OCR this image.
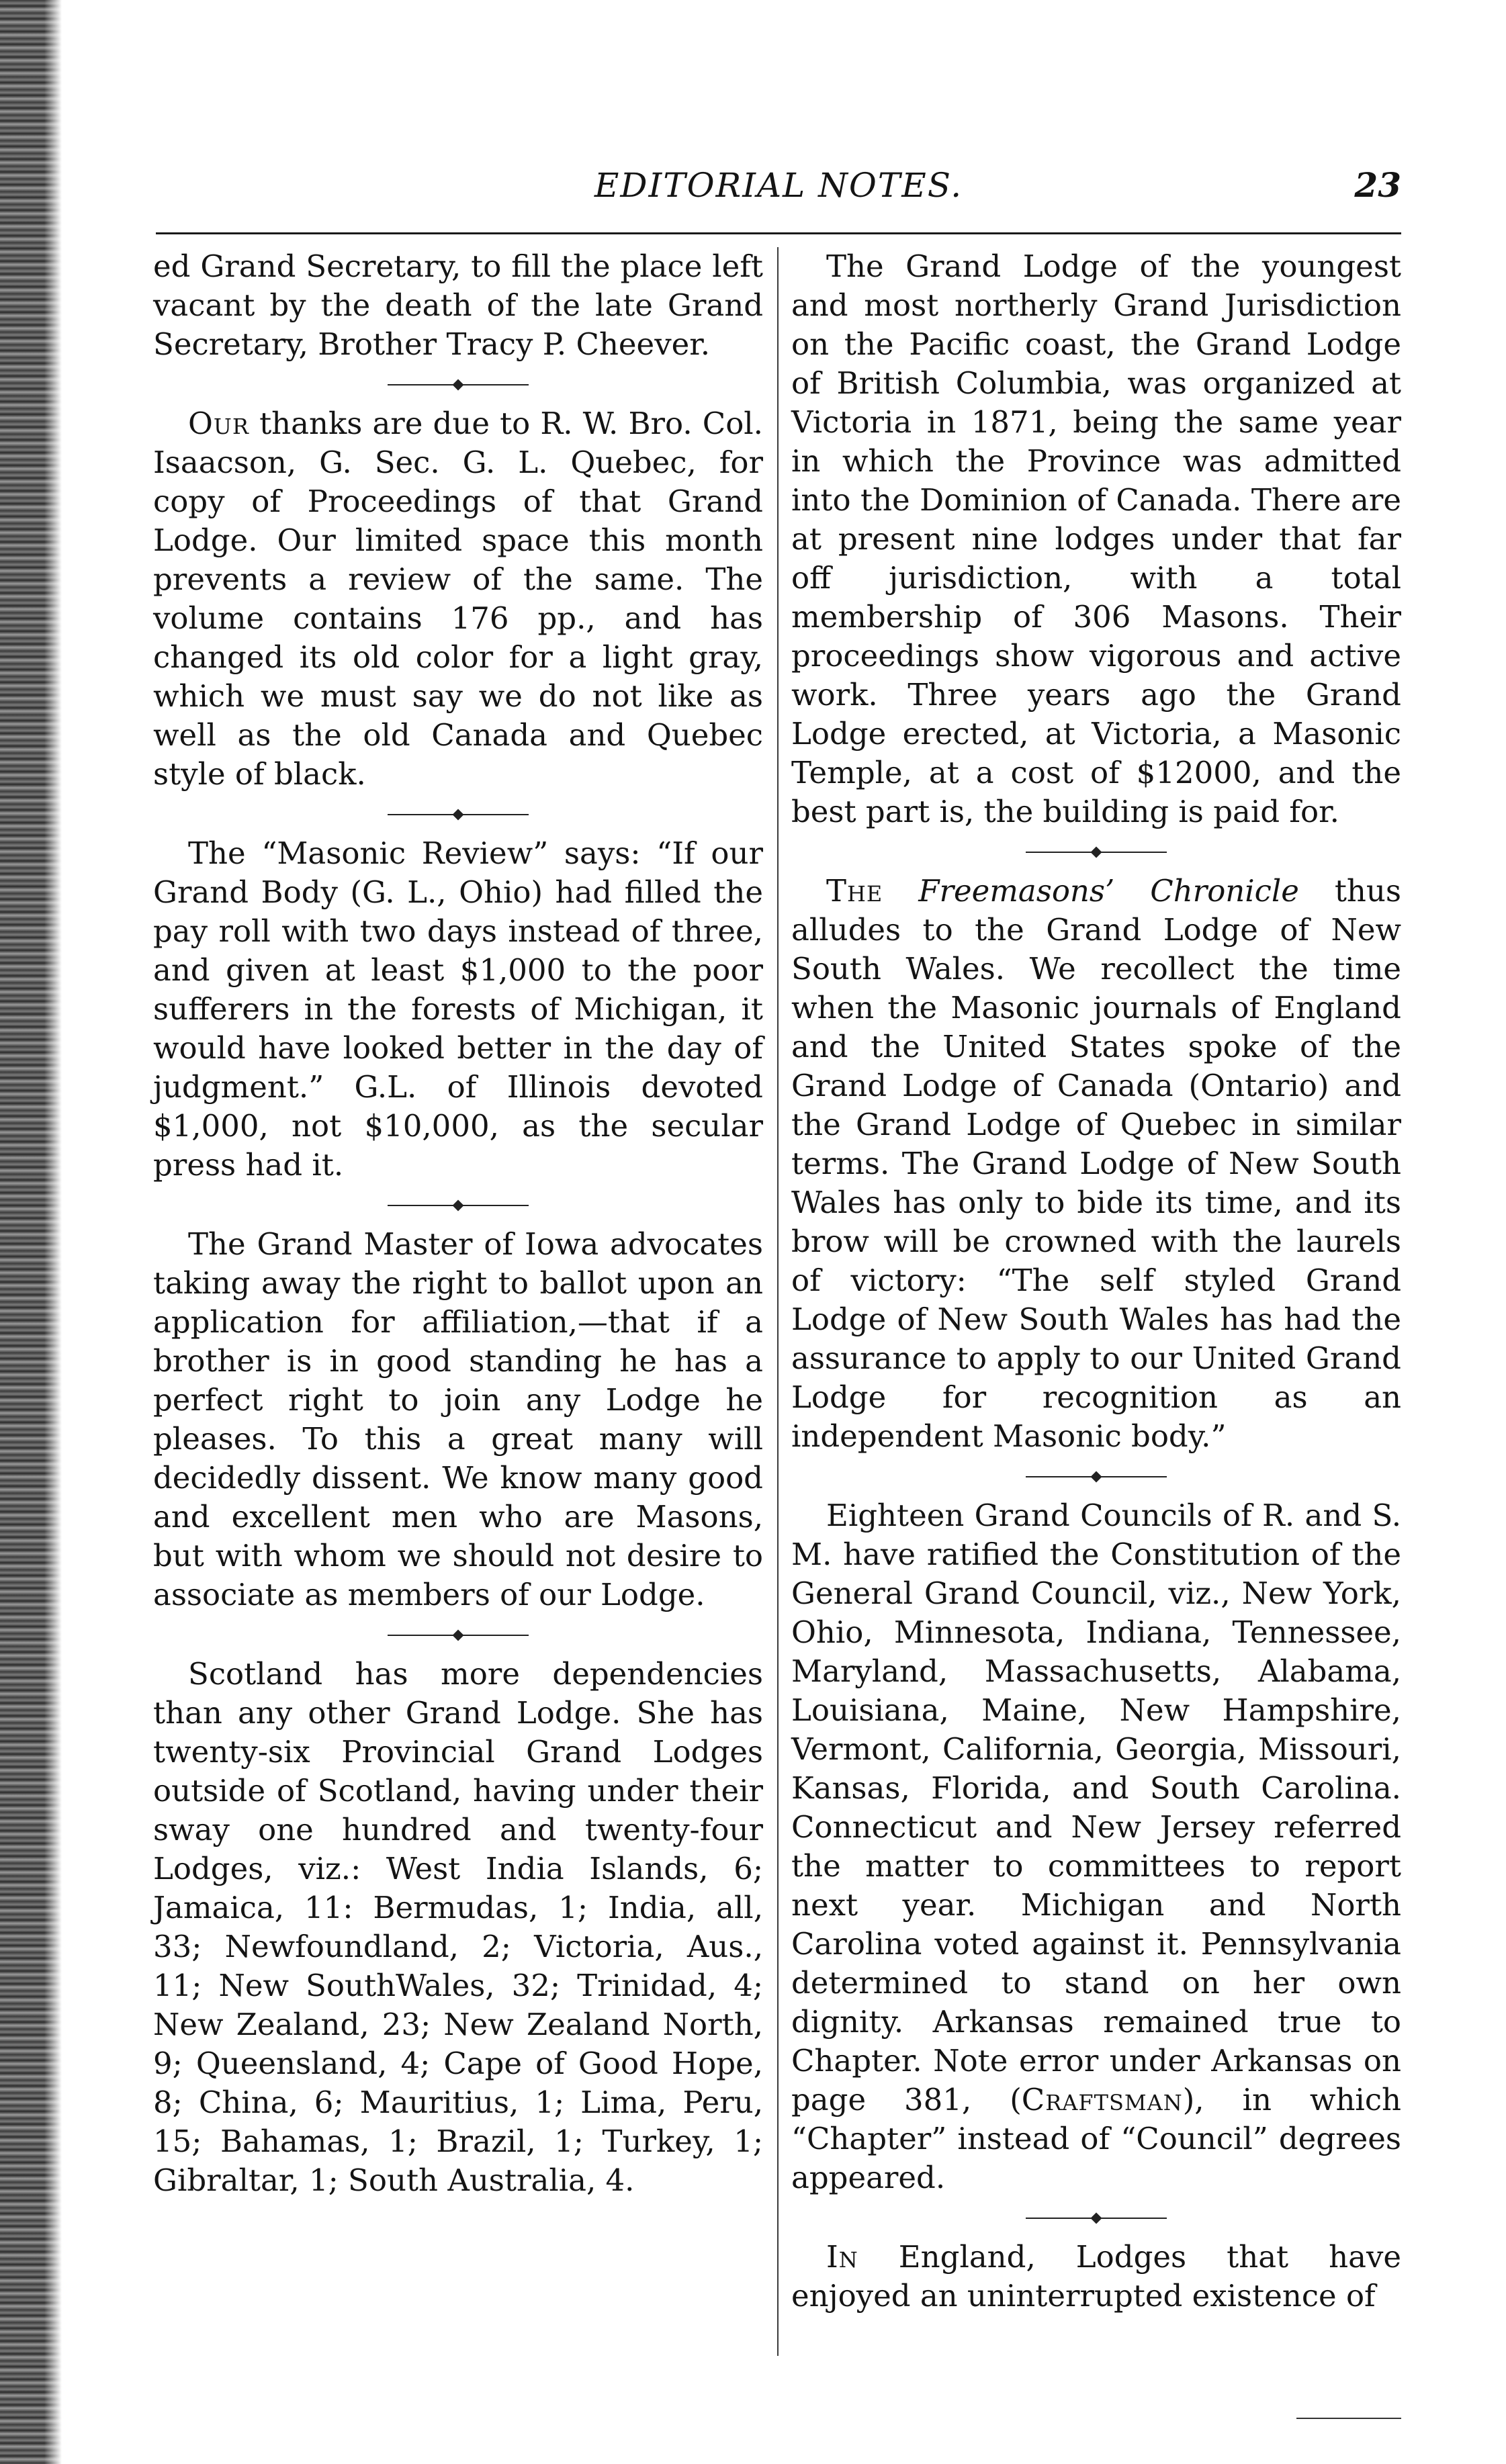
EDITORIAL NOTES.	23

ed Grand Secretary, to fill the place left vacant by the death of the late Grand Secretary, Brother Tracy P. Cheever.

Our thanks are due to R. W. Bro. Col. Isaacson, G. Sec. G. L. Quebec, for copy of Proceedings of that Grand Lodge. Our limited space this month prevents a review of the same. The volume contains 176 pp., and has changed its old color for a light gray, which we must say we do not like as well as the old Canada and Quebec style of black.

The “Masonic Review” says: “If our Grand Body (G. L., Ohio) had filled the pay roll with two days instead of three, and given at least $1,000 to the poor sufferers in the forests of Michigan, it would have looked better in the day of judgment.” G.L. of Illinois devoted $1,000, not $10,000, as the secular press had it.

The Grand Master of Iowa advocates taking away the right to ballot upon an application for affiliation,—that if a brother is in good standing he has a perfect right to join any Lodge he pleases. To this a great many will decidedly dissent. We know many good and excellent men who are Masons, but with whom we should not desire to associate as members of our Lodge.

Scotland has more dependencies than any other Grand Lodge. She has twenty-six Provincial Grand Lodges outside of Scotland, having under their sway one hundred and twenty-four Lodges, viz.: West India Islands, 6; Jamaica, 11: Bermudas, 1; India, all, 33; Newfoundland, 2; Victoria, Aus., 11; New SouthWales, 32; Trinidad, 4; New Zealand, 23; New Zealand North, 9; Queensland, 4; Cape of Good Hope, 8; China, 6; Mauritius, 1; Lima, Peru, 15; Bahamas, 1; Brazil, 1; Turkey, 1; Gibraltar, 1; South Australia, 4.

The Grand Lodge of the youngest and most northerly Grand Jurisdiction on the Pacific coast, the Grand Lodge of British Columbia, was organized at Victoria in 1871, being the same year in which the Province was admitted into the Dominion of Canada. There are at present nine lodges under that far off jurisdiction, with a total membership of 306 Masons. Their proceedings show vigorous and active work. Three years ago the Grand Lodge erected, at Victoria, a Masonic Temple, at a cost of $12000, and the best part is, the building is paid for.

The Freemasons’ Chronicle thus alludes to the Grand Lodge of New South Wales. We recollect the time when the Masonic journals of England and the United States spoke of the Grand Lodge of Canada (Ontario) and the Grand Lodge of Quebec in similar terms. The Grand Lodge of New South Wales has only to bide its time, and its brow will be crowned with the laurels of victory: “The self styled Grand Lodge of New South Wales has had the assurance to apply to our United Grand Lodge for recognition as an independent Masonic body.”

Eighteen Grand Councils of R. and S. M. have ratified the Constitution of the General Grand Council, viz., New York, Ohio, Minnesota, Indiana, Tennessee, Maryland, Massachusetts, Alabama, Louisiana, Maine, New Hampshire, Vermont, California, Georgia, Missouri, Kansas, Florida, and South Carolina. Connecticut and New Jersey referred the matter to committees to report next year. Michigan and North Carolina voted against it. Pennsylvania determined to stand on her own dignity. Arkansas remained true to Chapter. Note error under Arkansas on page 381, (Craftsman), in which “Chapter” instead of “Council” degrees appeared.

In England, Lodges that have enjoyed an uninterrupted existence of
